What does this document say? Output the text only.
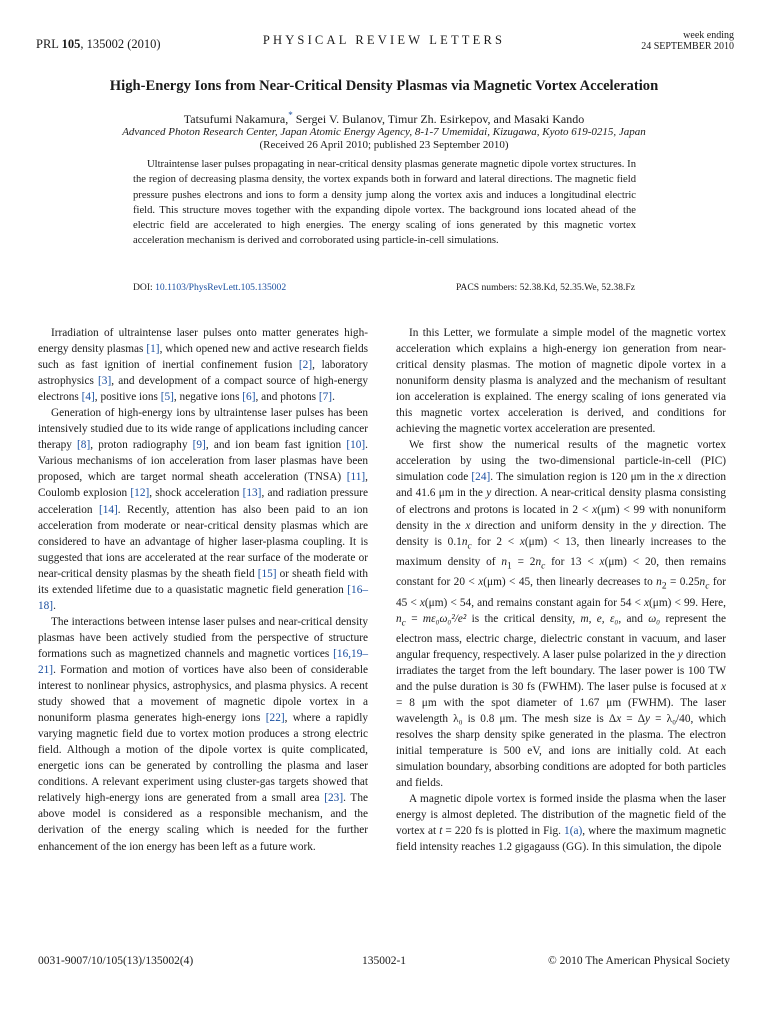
PRL 105, 135002 (2010)	PHYSICAL REVIEW LETTERS	week ending
24 SEPTEMBER 2010
High-Energy Ions from Near-Critical Density Plasmas via Magnetic Vortex Acceleration
Tatsufumi Nakamura,* Sergei V. Bulanov, Timur Zh. Esirkepov, and Masaki Kando
Advanced Photon Research Center, Japan Atomic Energy Agency, 8-1-7 Umemidai, Kizugawa, Kyoto 619-0215, Japan
(Received 26 April 2010; published 23 September 2010)
Ultraintense laser pulses propagating in near-critical density plasmas generate magnetic dipole vortex structures. In the region of decreasing plasma density, the vortex expands both in forward and lateral directions. The magnetic field pressure pushes electrons and ions to form a density jump along the vortex axis and induces a longitudinal electric field. This structure moves together with the expanding dipole vortex. The background ions located ahead of the electric field are accelerated to high energies. The energy scaling of ions generated by this magnetic vortex acceleration mechanism is derived and corroborated using particle-in-cell simulations.
DOI: 10.1103/PhysRevLett.105.135002	PACS numbers: 52.38.Kd, 52.35.We, 52.38.Fz

Irradiation of ultraintense laser pulses onto matter generates high-energy density plasmas [1], which opened new and active research fields such as fast ignition of inertial confinement fusion [2], laboratory astrophysics [3], and development of a compact source of high-energy electrons [4], positive ions [5], negative ions [6], and photons [7].

Generation of high-energy ions by ultraintense laser pulses has been intensively studied due to its wide range of applications including cancer therapy [8], proton radiography [9], and ion beam fast ignition [10]. Various mechanisms of ion acceleration from laser plasmas have been proposed, which are target normal sheath acceleration (TNSA) [11], Coulomb explosion [12], shock acceleration [13], and radiation pressure acceleration [14]. Recently, attention has also been paid to an ion acceleration from moderate or near-critical density plasmas which are considered to have an advantage of higher laser-plasma coupling. It is suggested that ions are accelerated at the rear surface of the moderate or near-critical density plasmas by the sheath field [15] or sheath field with its extended lifetime due to a quasistatic magnetic field generation [16–18].

The interactions between intense laser pulses and near-critical density plasmas have been actively studied from the perspective of structure formations such as magnetized channels and magnetic vortices [16,19–21]. Formation and motion of vortices have also been of considerable interest to nonlinear physics, astrophysics, and plasma physics. A recent study showed that a movement of magnetic dipole vortex in a nonuniform plasma generates high-energy ions [22], where a rapidly varying magnetic field due to vortex motion produces a strong electric field. Although a motion of the dipole vortex is quite complicated, energetic ions can be generated by controlling the plasma and laser conditions. A relevant experiment using cluster-gas targets showed that relatively high-energy ions are generated from a small area [23]. The above model is considered as a responsible mechanism, and the derivation of the energy scaling which is needed for the further enhancement of the ion energy has been left as a future work.

In this Letter, we formulate a simple model of the magnetic vortex acceleration which explains a high-energy ion generation from near-critical density plasmas. The motion of magnetic dipole vortex in a nonuniform density plasma is analyzed and the mechanism of resultant ion acceleration is explained. The energy scaling of ions generated via this magnetic vortex acceleration is derived, and conditions for achieving the magnetic vortex acceleration are presented.

We first show the numerical results of the magnetic vortex acceleration by using the two-dimensional particle-in-cell (PIC) simulation code [24]. The simulation region is 120 μm in the x direction and 41.6 μm in the y direction. A near-critical density plasma consisting of electrons and protons is located in 2 < x(μm) < 99 with nonuniform density in the x direction and uniform density in the y direction. The density is $0.1n_c$ for 2 < x(μm) < 13, then linearly increases to the maximum density of $n_1 = 2n_c$ for 13 < x(μm) < 20, then remains constant for 20 < x(μm) < 45, then linearly decreases to $n_2 = 0.25n_c$ for 45 < x(μm) < 54, and remains constant again for 54 < x(μm) < 99. Here, $n_c = m\varepsilon_0\omega_0^2/e^2$ is the critical density, m, e, ε₀, and ω₀ represent the electron mass, electric charge, dielectric constant in vacuum, and laser angular frequency, respectively. A laser pulse polarized in the y direction irradiates the target from the left boundary. The laser power is 100 TW and the pulse duration is 30 fs (FWHM). The laser pulse is focused at x = 8 μm with the spot diameter of 1.67 μm (FWHM). The laser wavelength λ₀ is 0.8 μm. The mesh size is Δx = Δy = λ₀/40, which resolves the sharp density spike generated in the plasma. The electron initial temperature is 500 eV, and ions are initially cold. At each simulation boundary, absorbing conditions are adopted for both particles and fields.

A magnetic dipole vortex is formed inside the plasma when the laser energy is almost depleted. The distribution of the magnetic field of the vortex at t = 220 fs is plotted in Fig. 1(a), where the maximum magnetic field intensity reaches 1.2 gigagauss (GG). In this simulation, the dipole

0031-9007/10/105(13)/135002(4)	135002-1	© 2010 The American Physical Society
